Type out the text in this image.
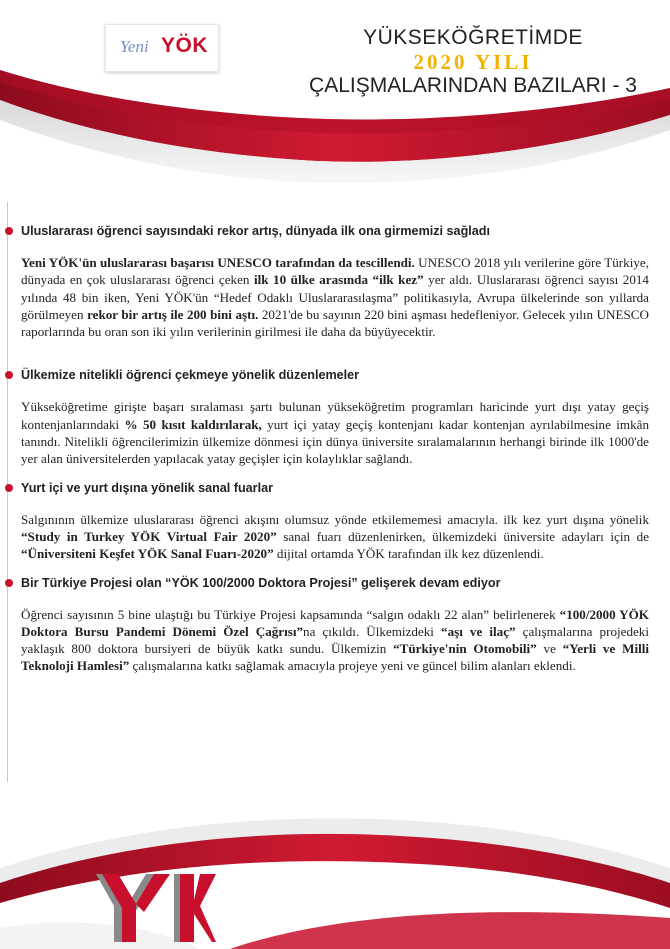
Yeni YÖK	YÜKSEKÖĞRETİMDE
2020 YILI
ÇALIŞMALARINDAN BAZILARI - 3
Uluslararası öğrenci sayısındaki rekor artış, dünyada ilk ona girmemizi sağladı

Yeni YÖK'ün uluslararası başarısı UNESCO tarafından da tescillendi. UNESCO 2018 yılı verilerine göre Türkiye, dünyada en çok uluslararası öğrenci çeken ilk 10 ülke arasında “ilk kez” yer aldı. Uluslararası öğrenci sayısı 2014 yılında 48 bin iken, Yeni YÖK'ün “Hedef Odaklı Uluslararasılaşma” politikasıyla, Avrupa ülkelerinde son yıllarda görülmeyen rekor bir artış ile 200 bini aştı. 2021'de bu sayının 220 bini aşması hedefleniyor. Gelecek yılın UNESCO raporlarında bu oran son iki yılın verilerinin girilmesi ile daha da büyüyecektir.

Ülkemize nitelikli öğrenci çekmeye yönelik düzenlemeler

Yükseköğretime girişte başarı sıralaması şartı bulunan yükseköğretim programları haricinde yurt dışı yatay geçiş kontenjanlarındaki % 50 kısıt kaldırılarak, yurt içi yatay geçiş kontenjanı kadar kontenjan ayrılabilmesine imkân tanındı. Nitelikli öğrencilerimizin ülkemize dönmesi için dünya üniversite sıralamalarının herhangi birinde ilk 1000'de yer alan üniversitelerden yapılacak yatay geçişler için kolaylıklar sağlandı.

Yurt içi ve yurt dışına yönelik sanal fuarlar

Salgınının ülkemize uluslararası öğrenci akışını olumsuz yönde etkilememesi amacıyla. ilk kez yurt dışına yönelik “Study in Turkey YÖK Virtual Fair 2020” sanal fuarı düzenlenirken, ülkemizdeki üniversite adayları için de “Üniversiteni Keşfet YÖK Sanal Fuarı-2020” dijital ortamda YÖK tarafından ilk kez düzenlendi.

Bir Türkiye Projesi olan “YÖK 100/2000 Doktora Projesi” gelişerek devam ediyor

Öğrenci sayısının 5 bine ulaştığı bu Türkiye Projesi kapsamında “salgın odaklı 22 alan” belirlenerek “100/2000 YÖK Doktora Bursu Pandemi Dönemi Özel Çağrısı”na çıkıldı. Ülkemizdeki “aşı ve ilaç” çalışmalarına projedeki yaklaşık 800 doktora bursiyeri de büyük katkı sundu. Ülkemizin “Türkiye'nin Otomobili” ve “Yerli ve Milli Teknoloji Hamlesi” çalışmalarına katkı sağlamak amacıyla projeye yeni ve güncel bilim alanları eklendi.
